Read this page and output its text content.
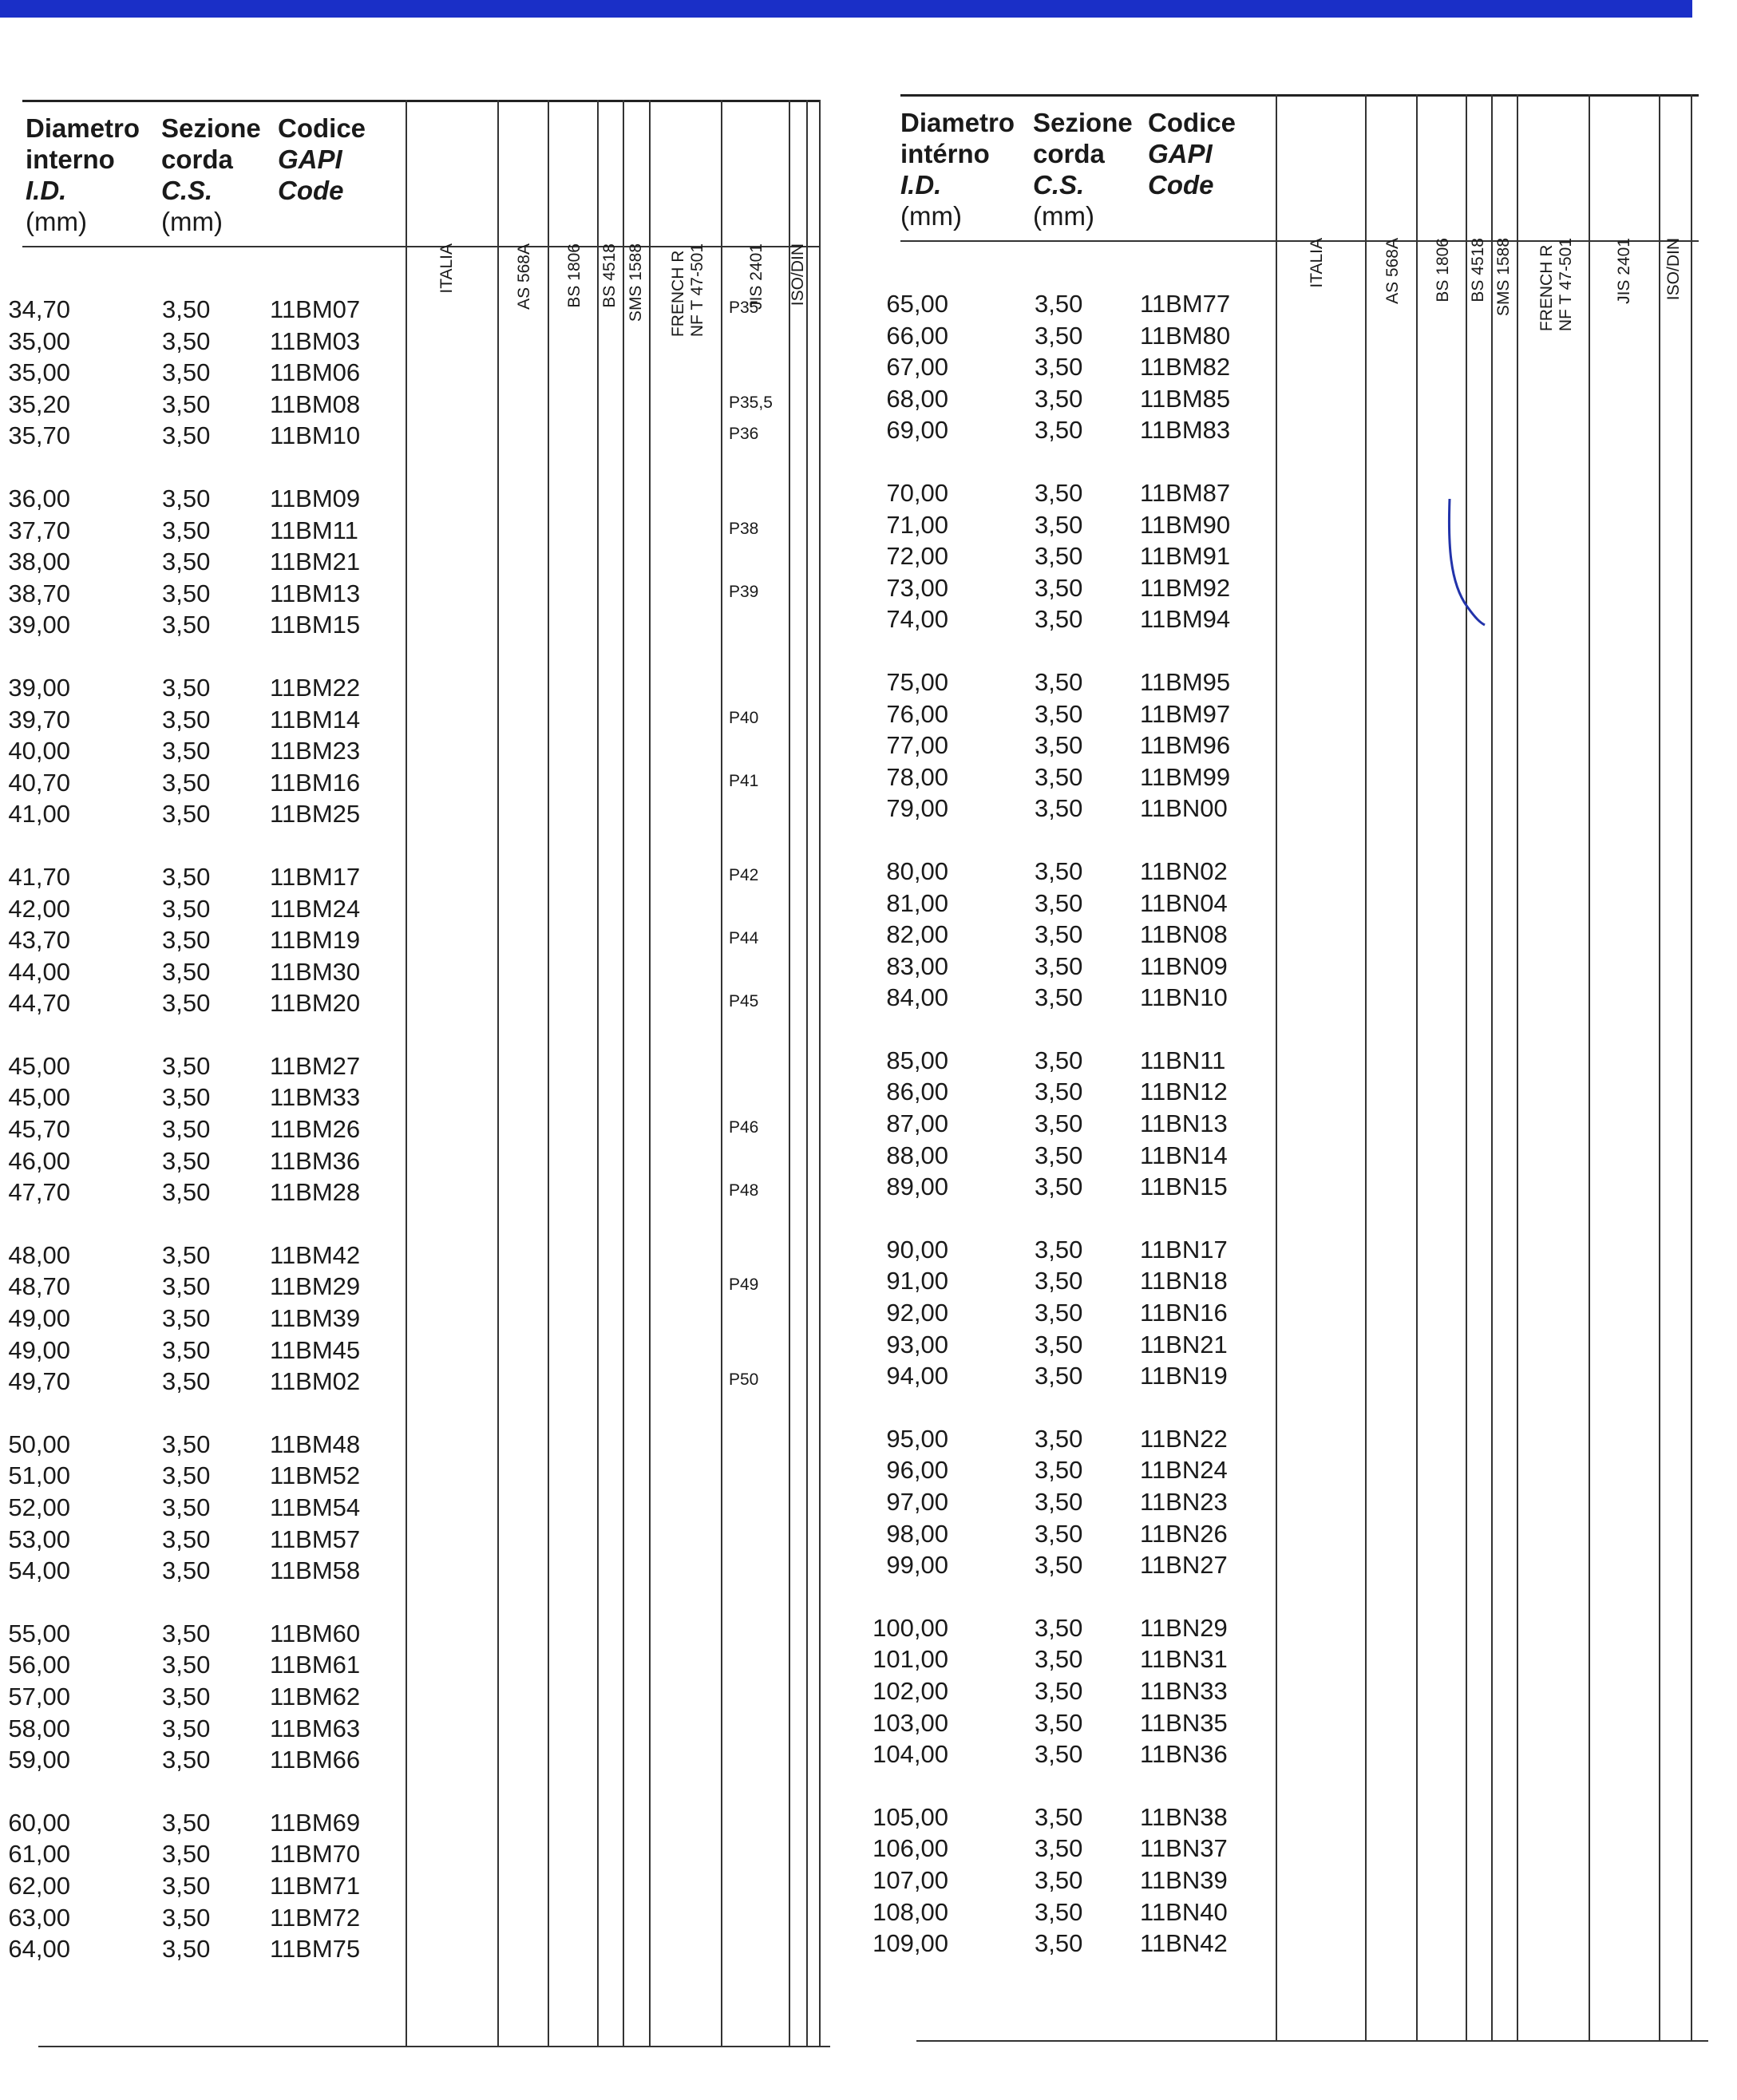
Diametro
interno
I.D.
(mm)
Sezione
corda
C.S.
(mm)
Codice
GAPI
Code
ITALIA	AS 568A BS 1806 BS 4518 SMS 1588 FRENCH R
NF T 47-501 JIS 2401 ISO/DIN
34,70	3,50	11BM07	P35
35,00	3,50	11BM03
35,00	3,50	11BM06
35,20	3,50	11BM08	P35,5
35,70	3,50	11BM10	P36
36,00	3,50	11BM09
37,70	3,50	11BM11	P38
38,00	3,50	11BM21
38,70	3,50	11BM13	P39
39,00	3,50	11BM15
39,00	3,50	11BM22
39,70	3,50	11BM14	P40
40,00	3,50	11BM23
40,70	3,50	11BM16	P41
41,00	3,50	11BM25
41,70	3,50	11BM17	P42
42,00	3,50	11BM24
43,70	3,50	11BM19	P44
44,00	3,50	11BM30
44,70	3,50	11BM20	P45
45,00	3,50	11BM27
45,00	3,50	11BM33
45,70	3,50	11BM26	P46
46,00	3,50	11BM36
47,70	3,50	11BM28	P48
48,00	3,50	11BM42
48,70	3,50	11BM29	P49
49,00	3,50	11BM39
49,00	3,50	11BM45
49,70	3,50	11BM02	P50
50,00	3,50	11BM48
51,00	3,50	11BM52
52,00	3,50	11BM54
53,00	3,50	11BM57
54,00	3,50	11BM58
55,00	3,50	11BM60
56,00	3,50	11BM61
57,00	3,50	11BM62
58,00	3,50	11BM63
59,00	3,50	11BM66
60,00	3,50	11BM69
61,00	3,50	11BM70
62,00	3,50	11BM71
63,00	3,50	11BM72
64,00	3,50	11BM75
Diametro
intérno
I.D.
(mm)
Sezione
corda
C.S.
(mm)
Codice
GAPI
Code
ITALIA	AS 568A BS 1806 BS 4518 SMS 1588 FRENCH R
NF T 47-501 JIS 2401 ISO/DIN
65,00	3,50	11BM77
66,00	3,50	11BM80
67,00	3,50	11BM82
68,00	3,50	11BM85
69,00	3,50	11BM83
70,00	3,50	11BM87
71,00	3,50	11BM90
72,00	3,50	11BM91
73,00	3,50	11BM92
74,00	3,50	11BM94
75,00	3,50	11BM95
76,00	3,50	11BM97
77,00	3,50	11BM96
78,00	3,50	11BM99
79,00	3,50	11BN00
80,00	3,50	11BN02
81,00	3,50	11BN04
82,00	3,50	11BN08
83,00	3,50	11BN09
84,00	3,50	11BN10
85,00	3,50	11BN11
86,00	3,50	11BN12
87,00	3,50	11BN13
88,00	3,50	11BN14
89,00	3,50	11BN15
90,00	3,50	11BN17
91,00	3,50	11BN18
92,00	3,50	11BN16
93,00	3,50	11BN21
94,00	3,50	11BN19
95,00	3,50	11BN22
96,00	3,50	11BN24
97,00	3,50	11BN23
98,00	3,50	11BN26
99,00	3,50	11BN27
100,00	3,50	11BN29
101,00	3,50	11BN31
102,00	3,50	11BN33
103,00	3,50	11BN35
104,00	3,50	11BN36
105,00	3,50	11BN38
106,00	3,50	11BN37
107,00	3,50	11BN39
108,00	3,50	11BN40
109,00	3,50	11BN42
